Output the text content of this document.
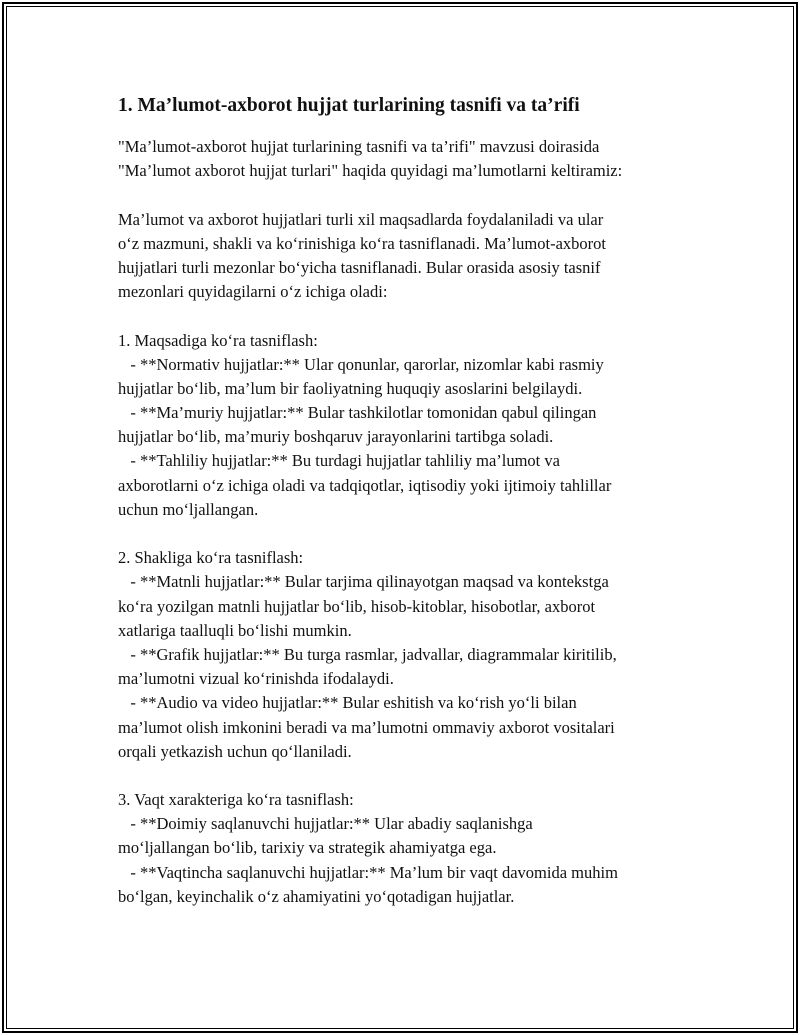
1. Ma’lumot-axborot hujjat turlarining tasnifi va ta’rifi
"Ma’lumot-axborot hujjat turlarining tasnifi va ta’rifi" mavzusi doirasida
"Ma’lumot axborot hujjat turlari" haqida quyidagi ma’lumotlarni keltiramiz:
Ma’lumot va axborot hujjatlari turli xil maqsadlarda foydalaniladi va ular
o‘z mazmuni, shakli va ko‘rinishiga ko‘ra tasniflanadi. Ma’lumot-axborot
hujjatlari turli mezonlar bo‘yicha tasniflanadi. Bular orasida asosiy tasnif
mezonlari quyidagilarni o‘z ichiga oladi:
1. Maqsadiga ko‘ra tasniflash:
- **Normativ hujjatlar:** Ular qonunlar, qarorlar, nizomlar kabi rasmiy
hujjatlar bo‘lib, ma’lum bir faoliyatning huquqiy asoslarini belgilaydi.
- **Ma’muriy hujjatlar:** Bular tashkilotlar tomonidan qabul qilingan
hujjatlar bo‘lib, ma’muriy boshqaruv jarayonlarini tartibga soladi.
- **Tahliliy hujjatlar:** Bu turdagi hujjatlar tahliliy ma’lumot va
axborotlarni o‘z ichiga oladi va tadqiqotlar, iqtisodiy yoki ijtimoiy tahlillar
uchun mo‘ljallangan.
2. Shakliga ko‘ra tasniflash:
- **Matnli hujjatlar:** Bular tarjima qilinayotgan maqsad va kontekstga
ko‘ra yozilgan matnli hujjatlar bo‘lib, hisob-kitoblar, hisobotlar, axborot
xatlariga taalluqli bo‘lishi mumkin.
- **Grafik hujjatlar:** Bu turga rasmlar, jadvallar, diagrammalar kiritilib,
ma’lumotni vizual ko‘rinishda ifodalaydi.
- **Audio va video hujjatlar:** Bular eshitish va ko‘rish yo‘li bilan
ma’lumot olish imkonini beradi va ma’lumotni ommaviy axborot vositalari
orqali yetkazish uchun qo‘llaniladi.
3. Vaqt xarakteriga ko‘ra tasniflash:
- **Doimiy saqlanuvchi hujjatlar:** Ular abadiy saqlanishga
mo‘ljallangan bo‘lib, tarixiy va strategik ahamiyatga ega.
- **Vaqtincha saqlanuvchi hujjatlar:** Ma’lum bir vaqt davomida muhim
bo‘lgan, keyinchalik o‘z ahamiyatini yo‘qotadigan hujjatlar.
